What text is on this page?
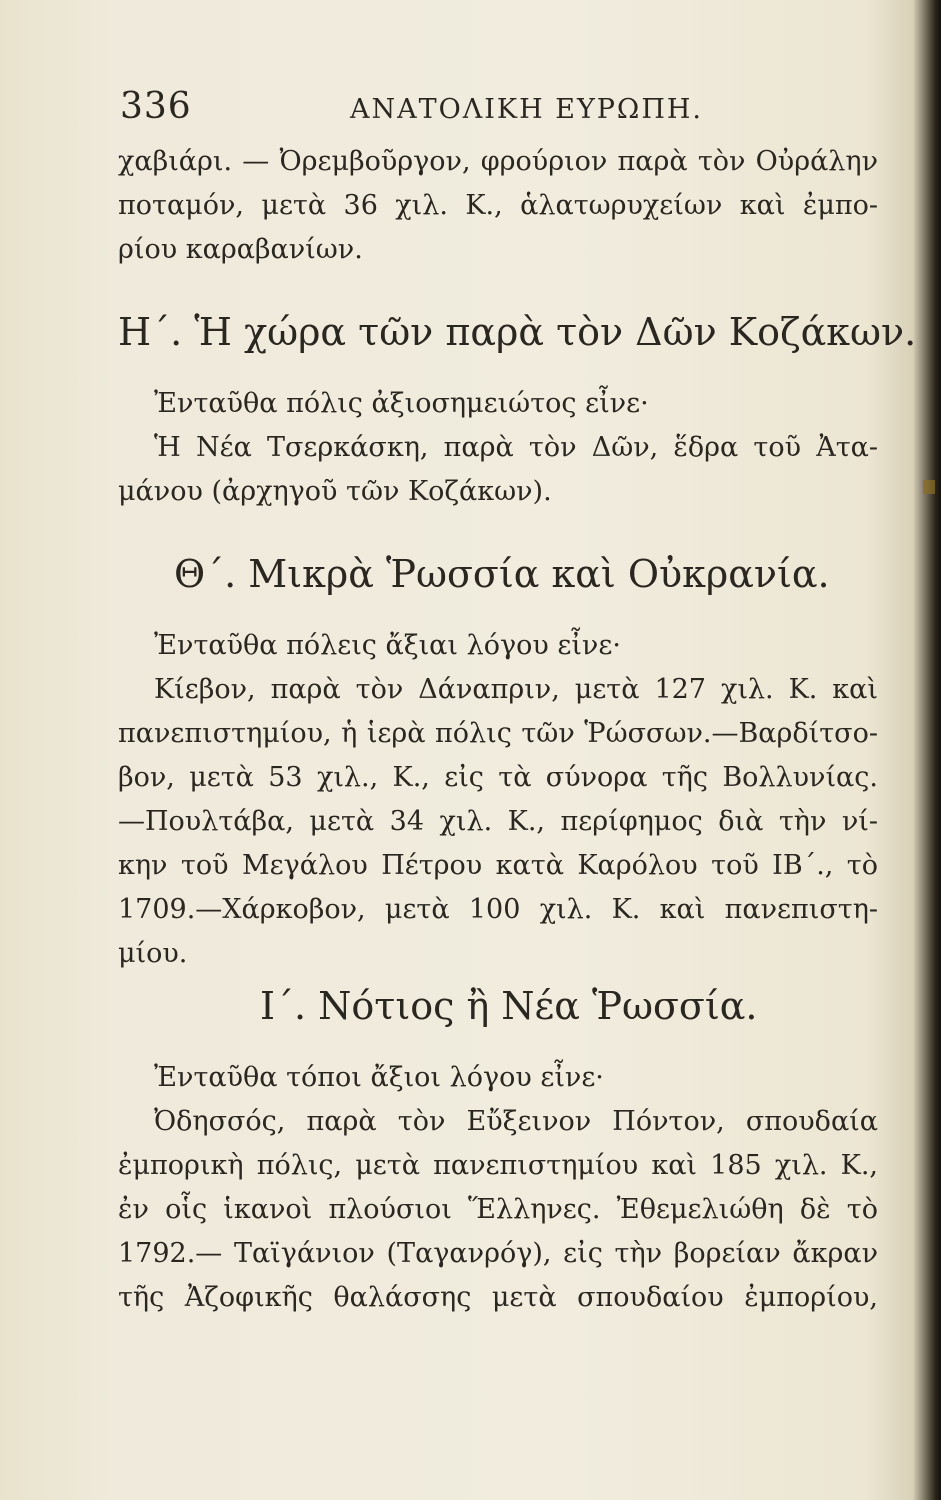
336	ΑΝΑΤΟΛΙΚΗ ΕΥΡΩΠΗ.
χαβιάρι. — Ὀρεμβοῦργον, φρούριον παρὰ τὸν Οὐράλην
ποταμόν, μετὰ 36 χιλ. Κ., ἁλατωρυχείων καὶ ἐμπο-
ρίου καραβανίων.
Η΄. Ἡ χώρα τῶν παρὰ τὸν Δῶν Κοζάκων.
Ἐνταῦθα πόλις ἀξιοσημειώτος εἶνε·
Ἡ Νέα Τσερκάσκη, παρὰ τὸν Δῶν, ἕδρα τοῦ Ἀτα-
μάνου (ἀρχηγοῦ τῶν Κοζάκων).
Θ΄. Μικρὰ Ῥωσσία καὶ Οὐκρανία.
Ἐνταῦθα πόλεις ἄξιαι λόγου εἶνε·
Κίεβον, παρὰ τὸν Δάναπριν, μετὰ 127 χιλ. Κ. καὶ
πανεπιστημίου, ἡ ἱερὰ πόλις τῶν Ῥώσσων.—Βαρδίτσο-
βον, μετὰ 53 χιλ., Κ., εἰς τὰ σύνορα τῆς Βολλυνίας.
—Πουλτάβα, μετὰ 34 χιλ. Κ., περίφημος διὰ τὴν νί-
κην τοῦ Μεγάλου Πέτρου κατὰ Καρόλου τοῦ ΙΒ΄., τὸ
1709.—Χάρκοβον, μετὰ 100 χιλ. Κ. καὶ πανεπιστη-
μίου.
Ι΄. Νότιος ἢ Νέα Ῥωσσία.
Ἐνταῦθα τόποι ἄξιοι λόγου εἶνε·
Ὀδησσός, παρὰ τὸν Εὔξεινον Πόντον, σπουδαία
ἐμπορικὴ πόλις, μετὰ πανεπιστημίου καὶ 185 χιλ. Κ.,
ἐν οἷς ἱκανοὶ πλούσιοι Ἕλληνες. Ἐθεμελιώθη δὲ τὸ
1792.— Ταϊγάνιον (Ταγανρόγ), εἰς τὴν βορείαν ἄκραν
τῆς Ἀζοφικῆς θαλάσσης μετὰ σπουδαίου ἐμπορίου,
